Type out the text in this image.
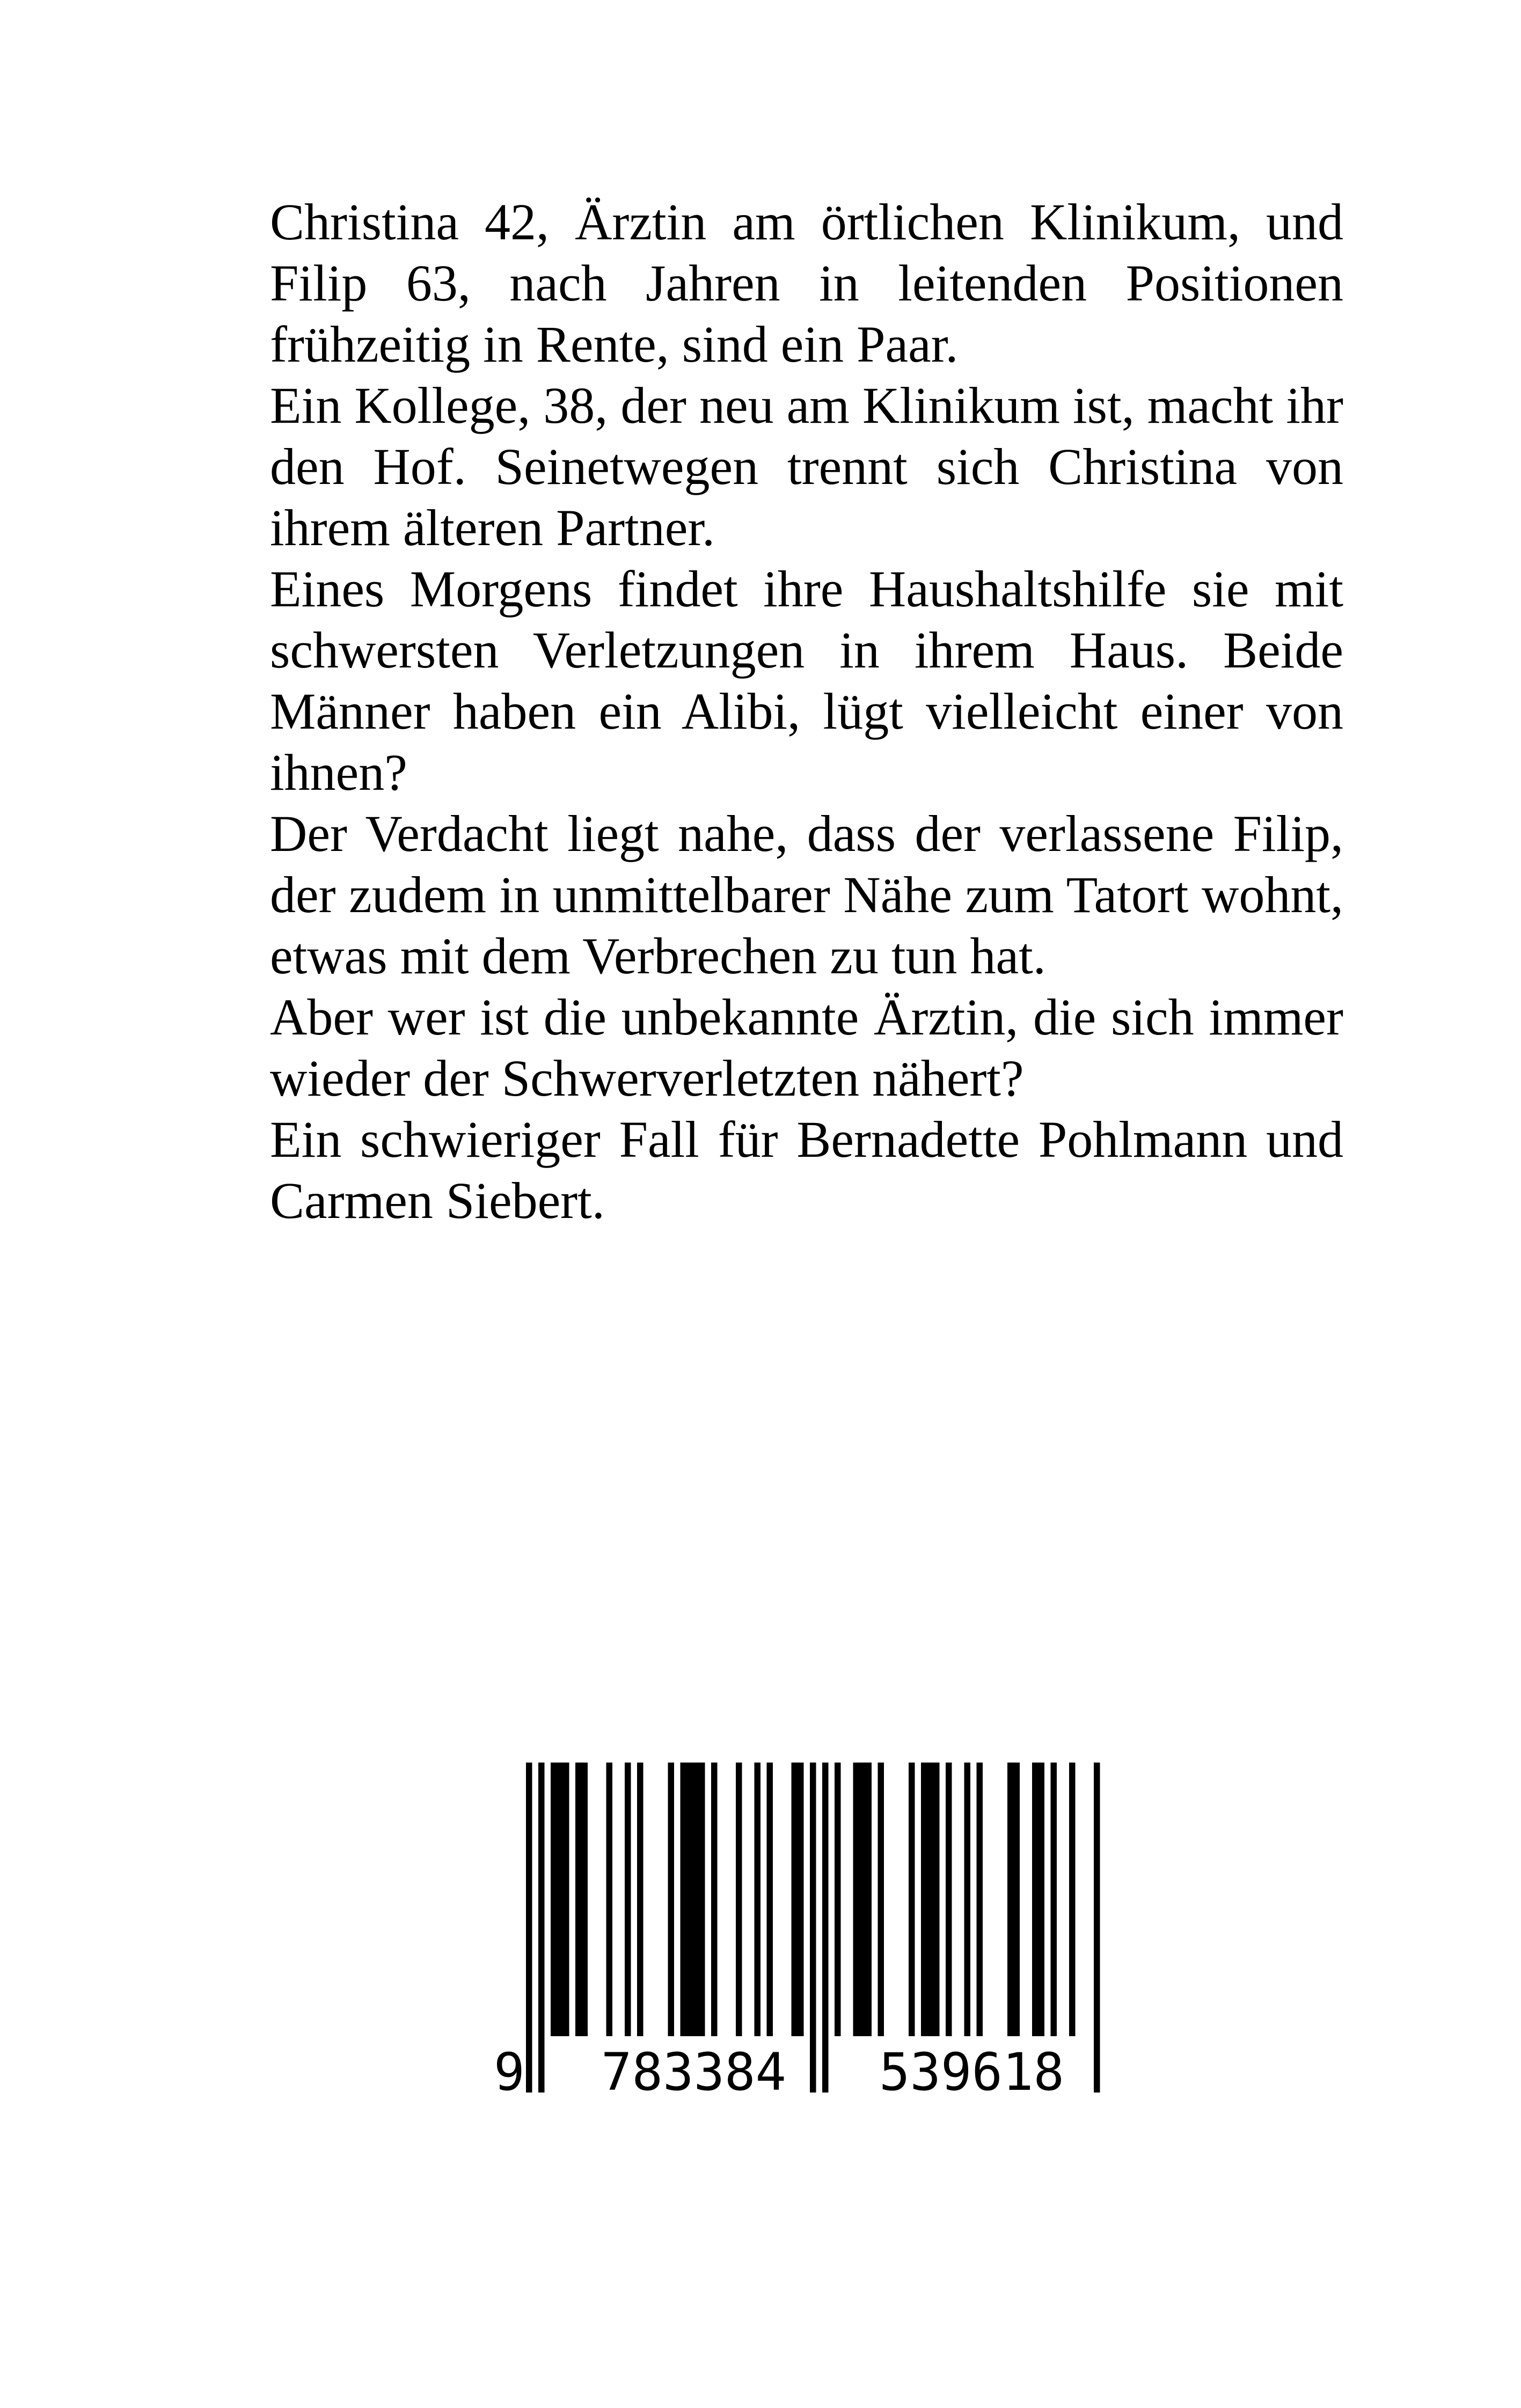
Christina 42, Ärztin am örtlichen Klinikum, und Filip 63, nach Jahren in leitenden Positionen frühzeitig in Rente, sind ein Paar.

Ein Kollege, 38, der neu am Klinikum ist, macht ihr den Hof. Seinetwegen trennt sich Christina von ihrem älteren Partner.

Eines Morgens findet ihre Haushaltshilfe sie mit schwersten Verletzungen in ihrem Haus. Beide Männer haben ein Alibi, lügt vielleicht einer von ihnen?

Der Verdacht liegt nahe, dass der verlassene Filip, der zudem in unmittelbarer Nähe zum Tatort wohnt, etwas mit dem Verbrechen zu tun hat.

Aber wer ist die unbekannte Ärztin, die sich immer wieder der Schwerverletzten nähert?

Ein schwieriger Fall für Bernadette Pohlmann und Carmen Siebert.

9 783384 539618
